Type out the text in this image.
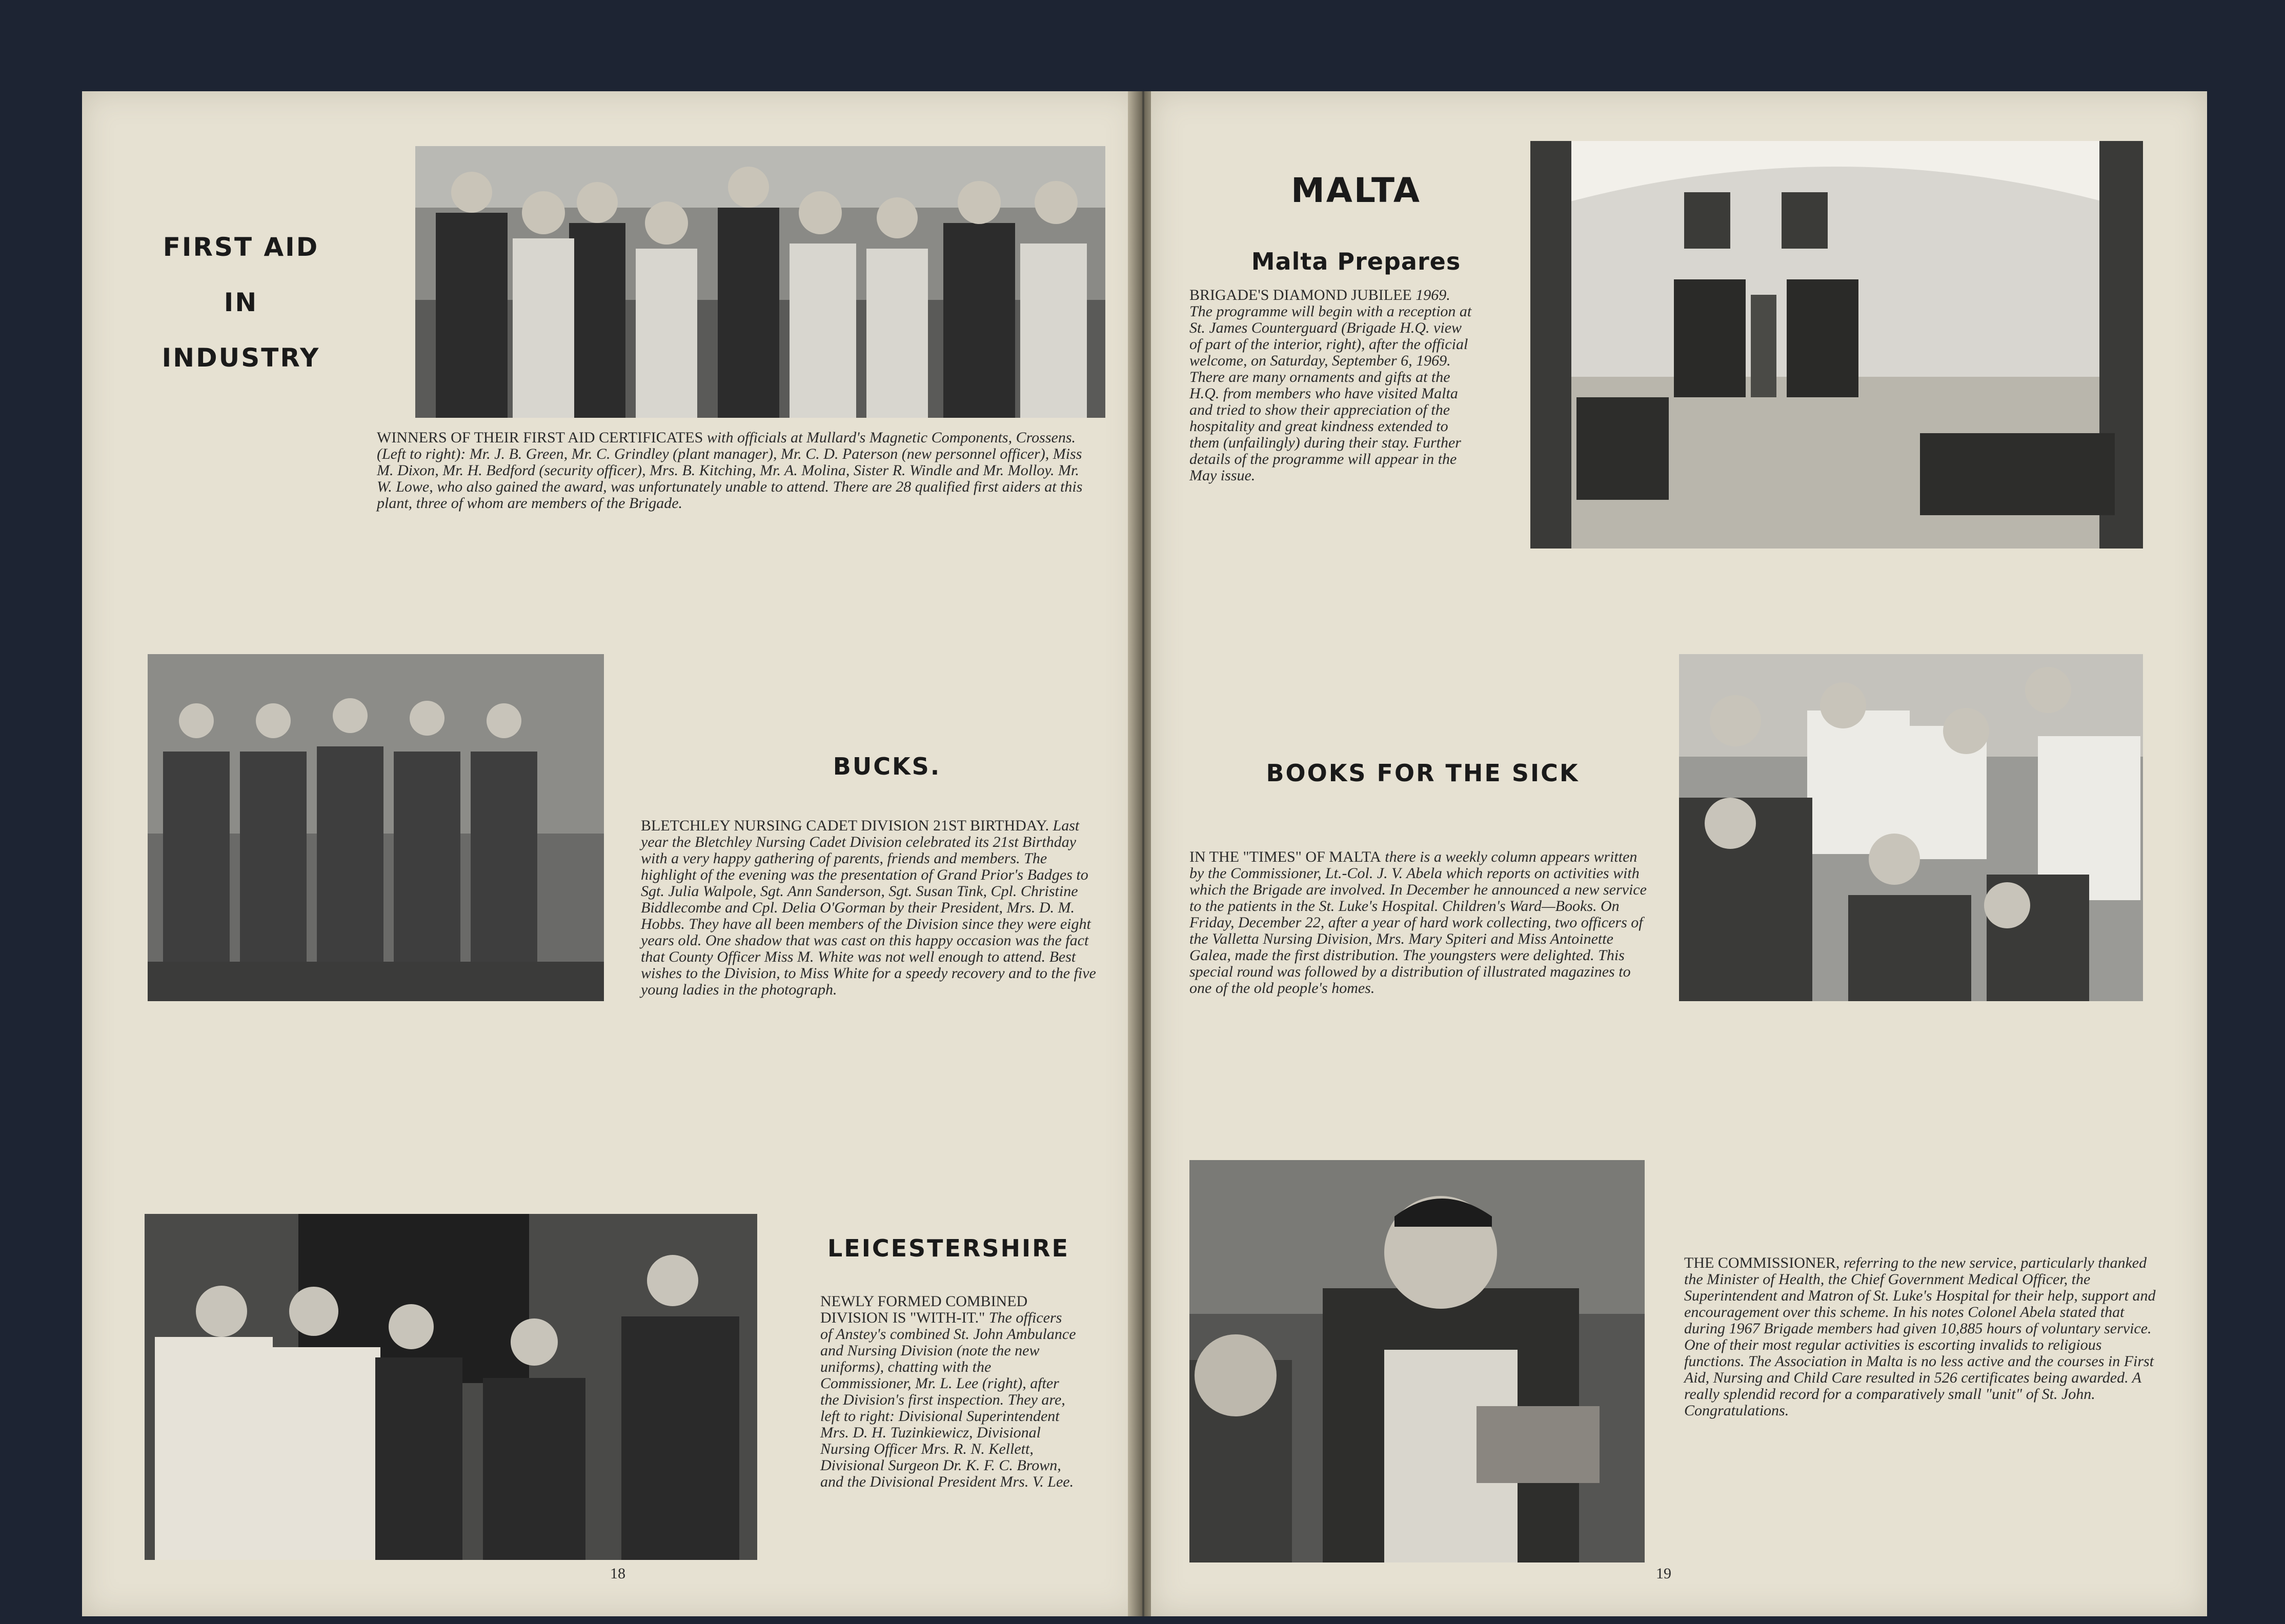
FIRST AID
IN
INDUSTRY
WINNERS OF THEIR FIRST AID CERTIFICATES with officials at Mullard's Magnetic Components, Crossens. (Left to right): Mr. J. B. Green, Mr. C. Grindley (plant manager), Mr. C. D. Paterson (new personnel officer), Miss M. Dixon, Mr. H. Bedford (security officer), Mrs. B. Kitching, Mr. A. Molina, Sister R. Windle and Mr. Molloy. Mr. W. Lowe, who also gained the award, was unfortunately unable to attend. There are 28 qualified first aiders at this plant, three of whom are members of the Brigade.
BUCKS.
BLETCHLEY NURSING CADET DIVISION 21ST BIRTHDAY. Last year the Bletchley Nursing Cadet Division celebrated its 21st Birthday with a very happy gathering of parents, friends and members. The highlight of the evening was the presentation of Grand Prior's Badges to Sgt. Julia Walpole, Sgt. Ann Sanderson, Sgt. Susan Tink, Cpl. Christine Biddlecombe and Cpl. Delia O'Gorman by their President, Mrs. D. M. Hobbs. They have all been members of the Division since they were eight years old. One shadow that was cast on this happy occasion was the fact that County Officer Miss M. White was not well enough to attend. Best wishes to the Division, to Miss White for a speedy recovery and to the five young ladies in the photograph.
LEICESTERSHIRE
NEWLY FORMED COMBINED DIVISION IS "WITH-IT." The officers of Anstey's combined St. John Ambulance and Nursing Division (note the new uniforms), chatting with the Commissioner, Mr. L. Lee (right), after the Division's first inspection. They are, left to right: Divisional Superintendent Mrs. D. H. Tuzinkiewicz, Divisional Nursing Officer Mrs. R. N. Kellett, Divisional Surgeon Dr. K. F. C. Brown, and the Divisional President Mrs. V. Lee.
18
MALTA
Malta Prepares
BRIGADE'S DIAMOND JUBILEE 1969. The programme will begin with a reception at St. James Counterguard (Brigade H.Q. view of part of the interior, right), after the official welcome, on Saturday, September 6, 1969. There are many ornaments and gifts at the H.Q. from members who have visited Malta and tried to show their appreciation of the hospitality and great kindness extended to them (unfailingly) during their stay. Further details of the programme will appear in the May issue.
BOOKS FOR THE SICK
IN THE "TIMES" OF MALTA there is a weekly column appears written by the Commissioner, Lt.-Col. J. V. Abela which reports on activities with which the Brigade are involved. In December he announced a new service to the patients in the St. Luke's Hospital. Children's Ward—Books. On Friday, December 22, after a year of hard work collecting, two officers of the Valletta Nursing Division, Mrs. Mary Spiteri and Miss Antoinette Galea, made the first distribution. The youngsters were delighted. This special round was followed by a distribution of illustrated magazines to one of the old people's homes.
THE COMMISSIONER, referring to the new service, particularly thanked the Minister of Health, the Chief Government Medical Officer, the Superintendent and Matron of St. Luke's Hospital for their help, support and encouragement over this scheme. In his notes Colonel Abela stated that during 1967 Brigade members had given 10,885 hours of voluntary service. One of their most regular activities is escorting invalids to religious functions. The Association in Malta is no less active and the courses in First Aid, Nursing and Child Care resulted in 526 certificates being awarded. A really splendid record for a comparatively small "unit" of St. John. Congratulations.
19
